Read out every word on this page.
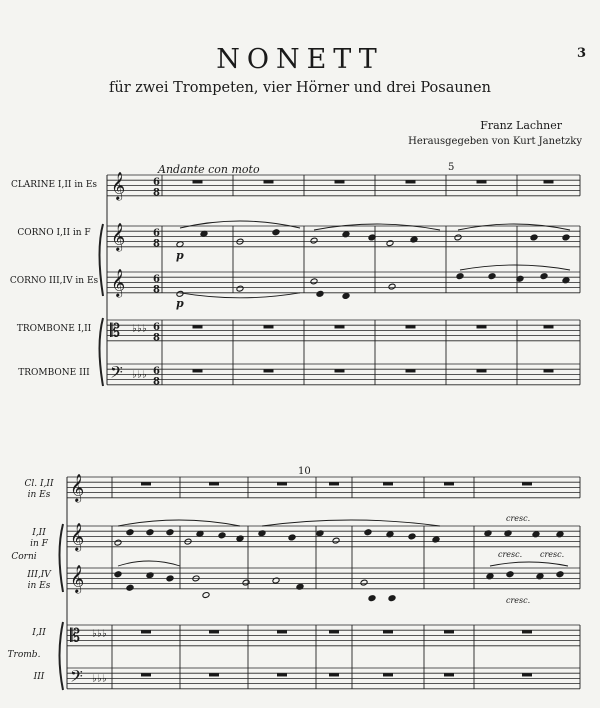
3
NONETT
für zwei Trompeten, vier Hörner und drei Posaunen
Franz Lachner
Herausgegeben von Kurt Janetzky
Andante con moto	5
CLARINE I,II in Es
CORNO I,II in F
CORNO III,IV in Es
TROMBONE I,II
TROMBONE III
p
p
10
Cl. I,II
in Es
I,II
in F
Corni
III,IV
in Es
I,II
Tromb.
III
cresc.
cresc. cresc.
cresc.
𝄞
𝄞
𝄞
𝄡
𝄢
6
8
6
8
6
8
6
8
6
8
♭
♭
♭
♭
♭
♭
𝄞
𝄞
𝄞
𝄡
𝄢
♭
♭
♭
♭
♭
♭
